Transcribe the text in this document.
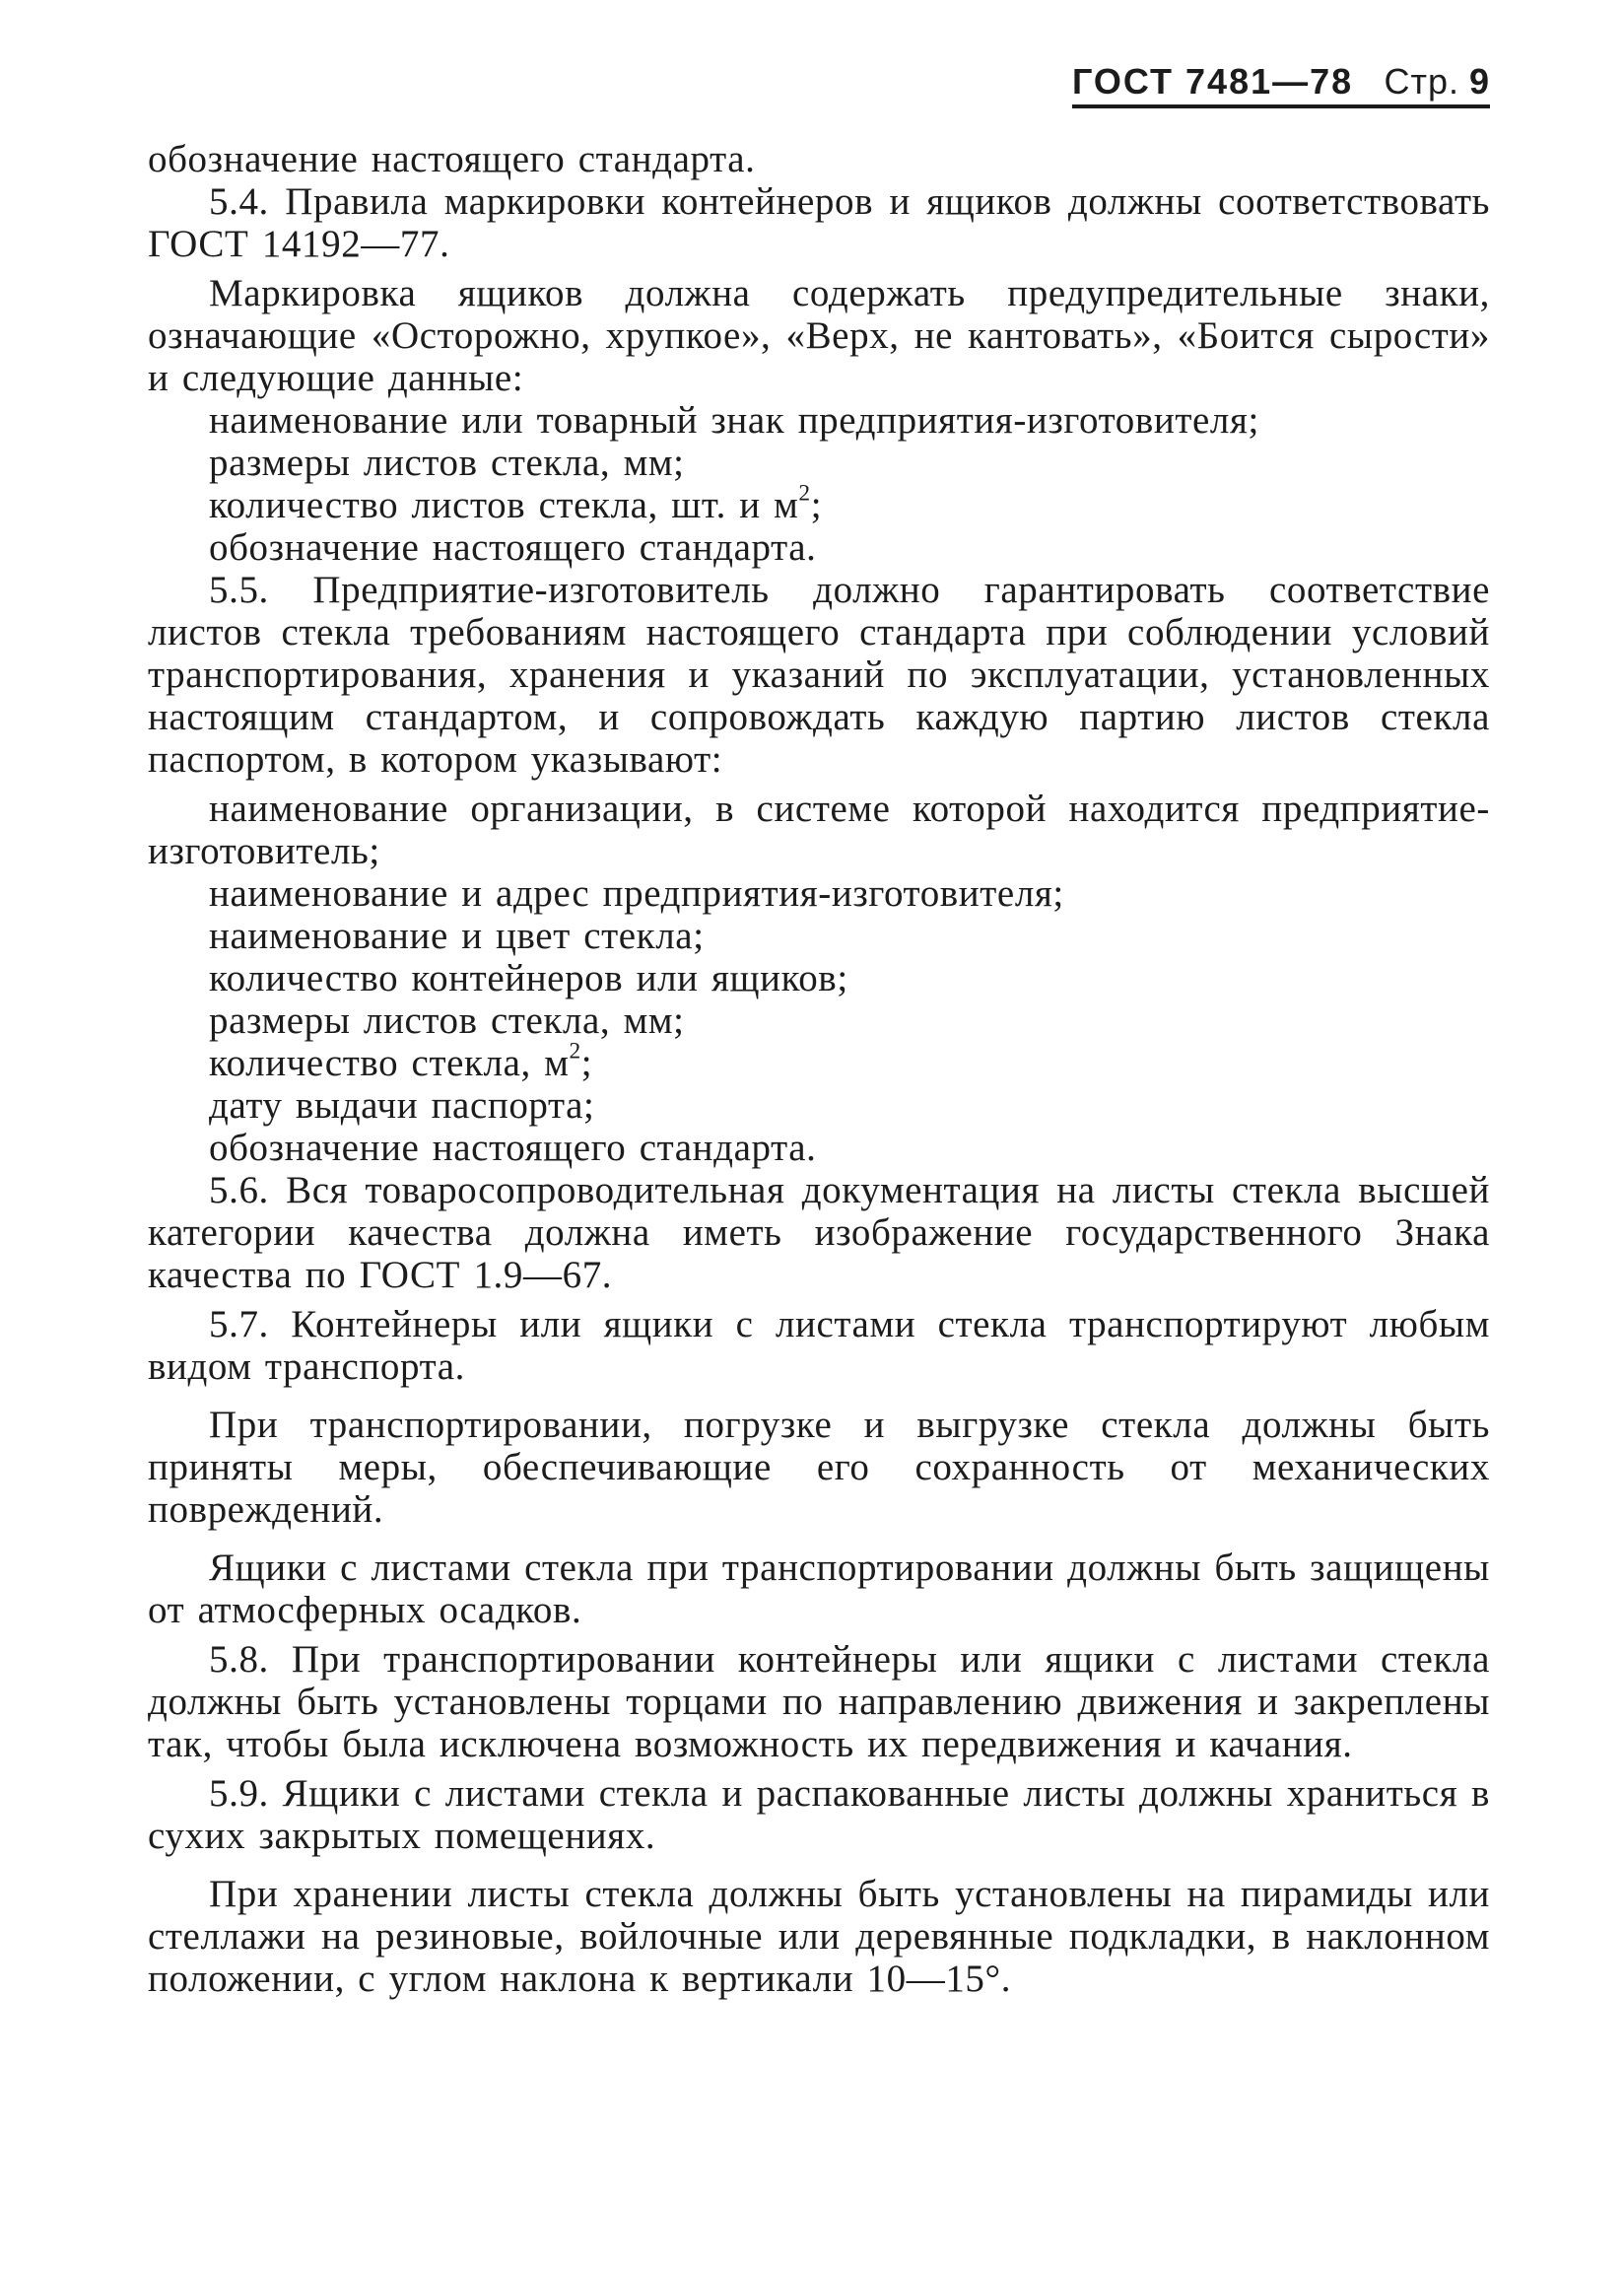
ГОСТ 7481—78 Стр. 9

обозначение настоящего стандарта.

5.4. Правила маркировки контейнеров и ящиков должны соответствовать ГОСТ 14192—77.

Маркировка ящиков должна содержать предупредительные знаки, означающие «Осторожно, хрупкое», «Верх, не кантовать», «Боится сырости» и следующие данные:

наименование или товарный знак предприятия-изготовителя;

размеры листов стекла, мм;

количество листов стекла, шт. и $м^2$;

обозначение настоящего стандарта.

5.5. Предприятие-изготовитель должно гарантировать соответствие листов стекла требованиям настоящего стандарта при соблюдении условий транспортирования, хранения и указаний по эксплуатации, установленных настоящим стандартом, и сопровождать каждую партию листов стекла паспортом, в котором указывают:

наименование организации, в системе которой находится предприятие-изготовитель;

наименование и адрес предприятия-изготовителя;

наименование и цвет стекла;

количество контейнеров или ящиков;

размеры листов стекла, мм;

количество стекла, $м^2$;

дату выдачи паспорта;

обозначение настоящего стандарта.

5.6. Вся товаросопроводительная документация на листы стекла высшей категории качества должна иметь изображение государственного Знака качества по ГОСТ 1.9—67.

5.7. Контейнеры или ящики с листами стекла транспортируют любым видом транспорта.

При транспортировании, погрузке и выгрузке стекла должны быть приняты меры, обеспечивающие его сохранность от механических повреждений.

Ящики с листами стекла при транспортировании должны быть защищены от атмосферных осадков.

5.8. При транспортировании контейнеры или ящики с листами стекла должны быть установлены торцами по направлению движения и закреплены так, чтобы была исключена возможность их передвижения и качания.

5.9. Ящики с листами стекла и распакованные листы должны храниться в сухих закрытых помещениях.

При хранении листы стекла должны быть установлены на пирамиды или стеллажи на резиновые, войлочные или деревянные подкладки, в наклонном положении, с углом наклона к вертикали 10—15°.
